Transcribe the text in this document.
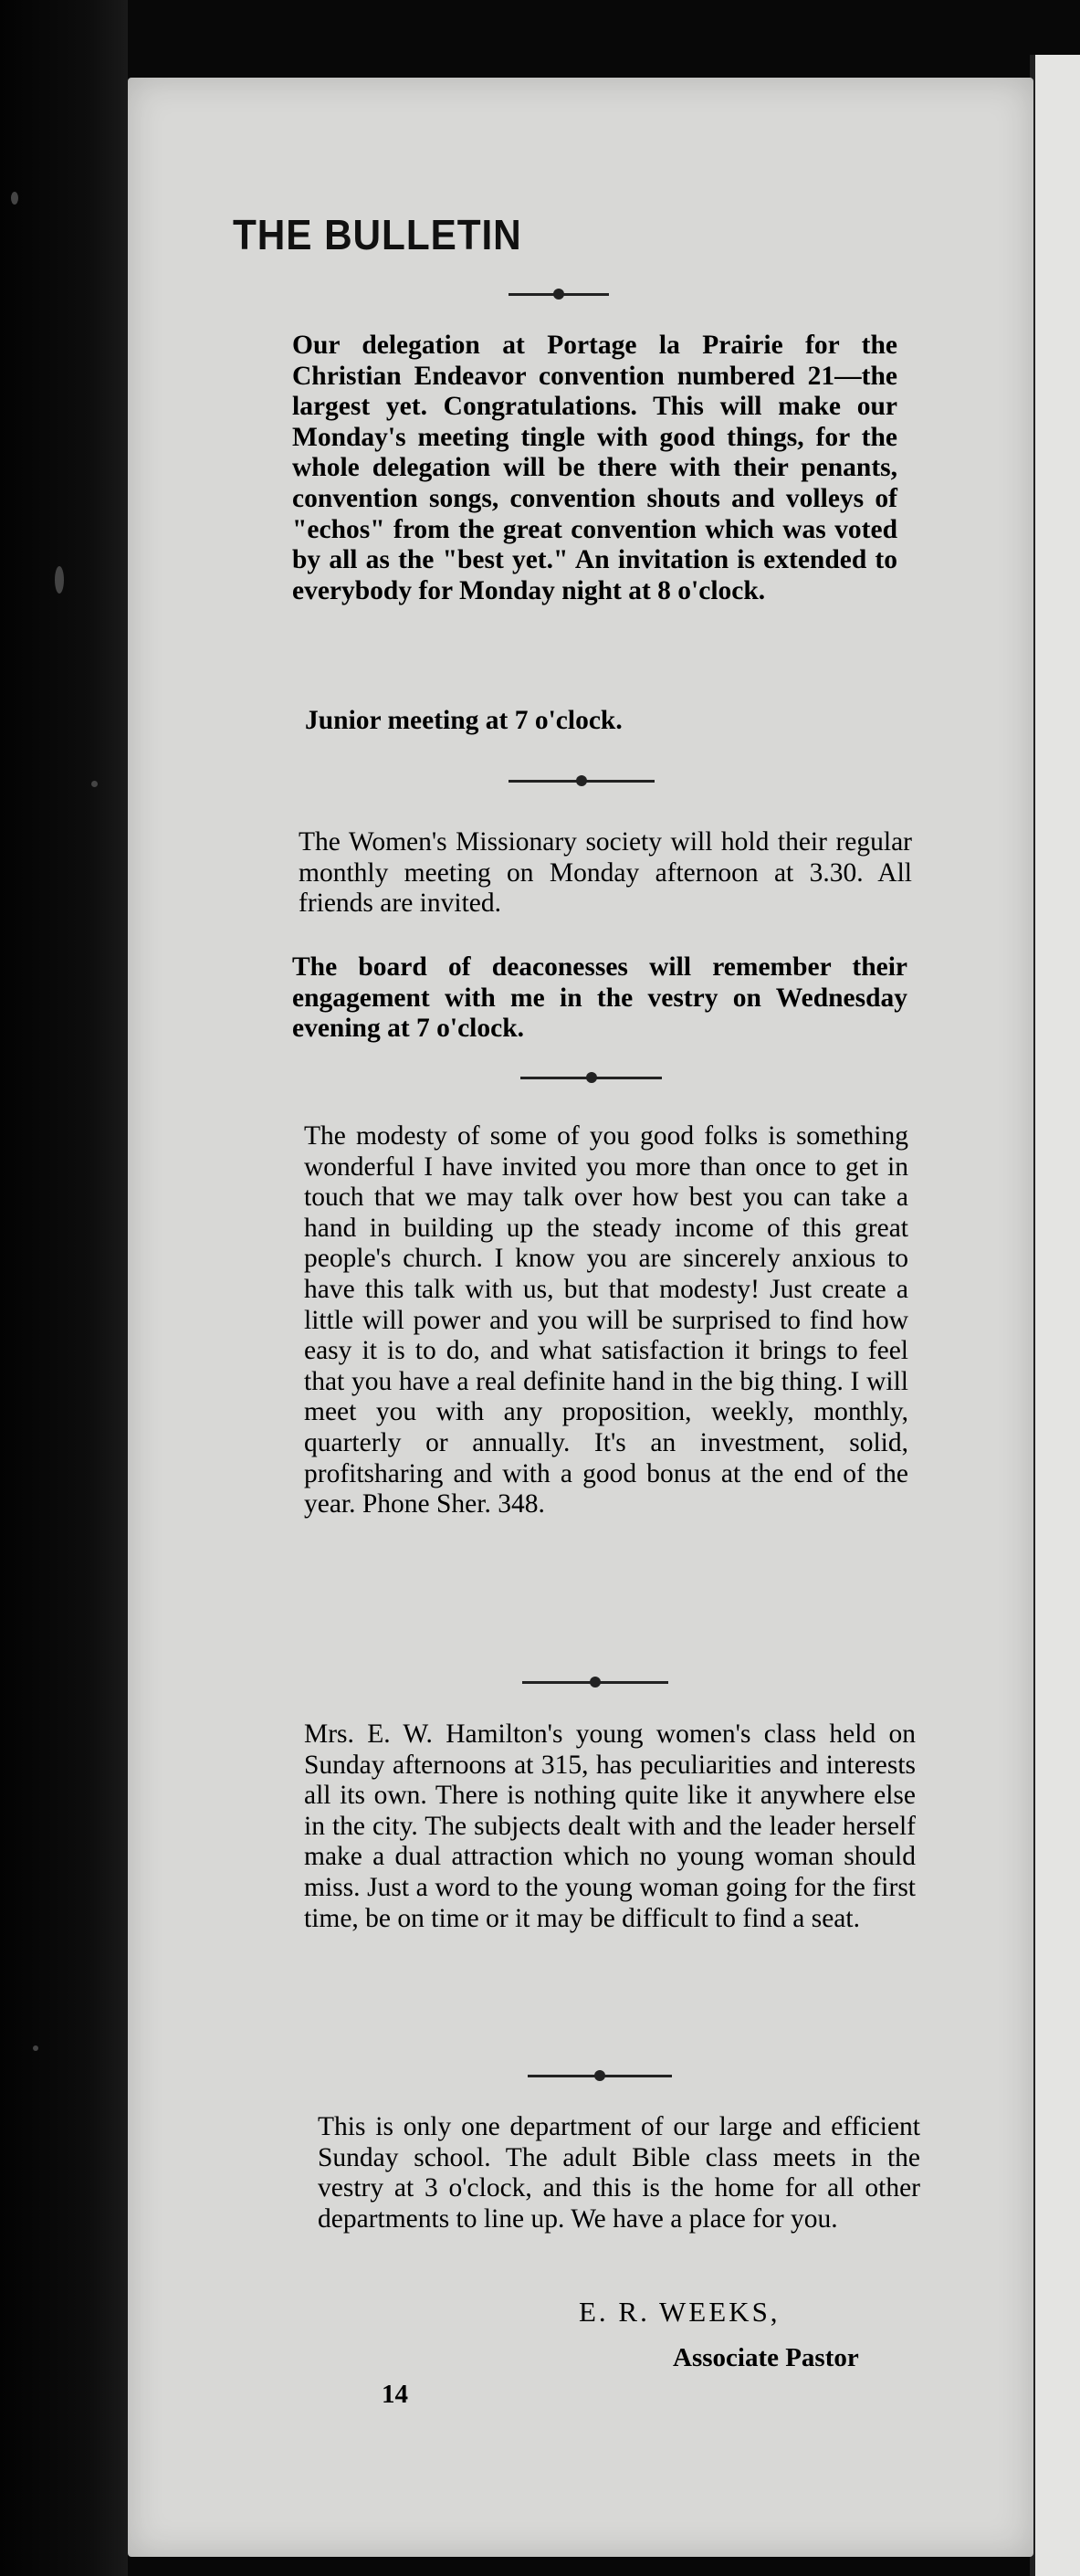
THE BULLETIN

Our delegation at Portage la Prairie for the Christian Endeavor convention numbered 21—the largest yet. Congratulations. This will make our Monday's meeting tingle with good things, for the whole delegation will be there with their penants, convention songs, convention shouts and volleys of "echos" from the great convention which was voted by all as the "best yet." An invitation is extended to everybody for Monday night at 8 o'clock.

Junior meeting at 7 o'clock.

The Women's Missionary society will hold their regular monthly meeting on Monday afternoon at 3.30. All friends are invited.

The board of deaconesses will remember their engagement with me in the vestry on Wednesday evening at 7 o'clock.

The modesty of some of you good folks is something wonderful I have invited you more than once to get in touch that we may talk over how best you can take a hand in building up the steady income of this great people's church. I know you are sincerely anxious to have this talk with us, but that modesty! Just create a little will power and you will be surprised to find how easy it is to do, and what satisfaction it brings to feel that you have a real definite hand in the big thing. I will meet you with any proposition, weekly, monthly, quarterly or annually. It's an investment, solid, profitsharing and with a good bonus at the end of the year. Phone Sher. 348.

Mrs. E. W. Hamilton's young women's class held on Sunday afternoons at 315, has peculiarities and interests all its own. There is nothing quite like it anywhere else in the city. The subjects dealt with and the leader herself make a dual attraction which no young woman should miss. Just a word to the young woman going for the first time, be on time or it may be difficult to find a seat.

This is only one department of our large and efficient Sunday school. The adult Bible class meets in the vestry at 3 o'clock, and this is the home for all other departments to line up. We have a place for you.

E. R. WEEKS,
Associate Pastor
14
